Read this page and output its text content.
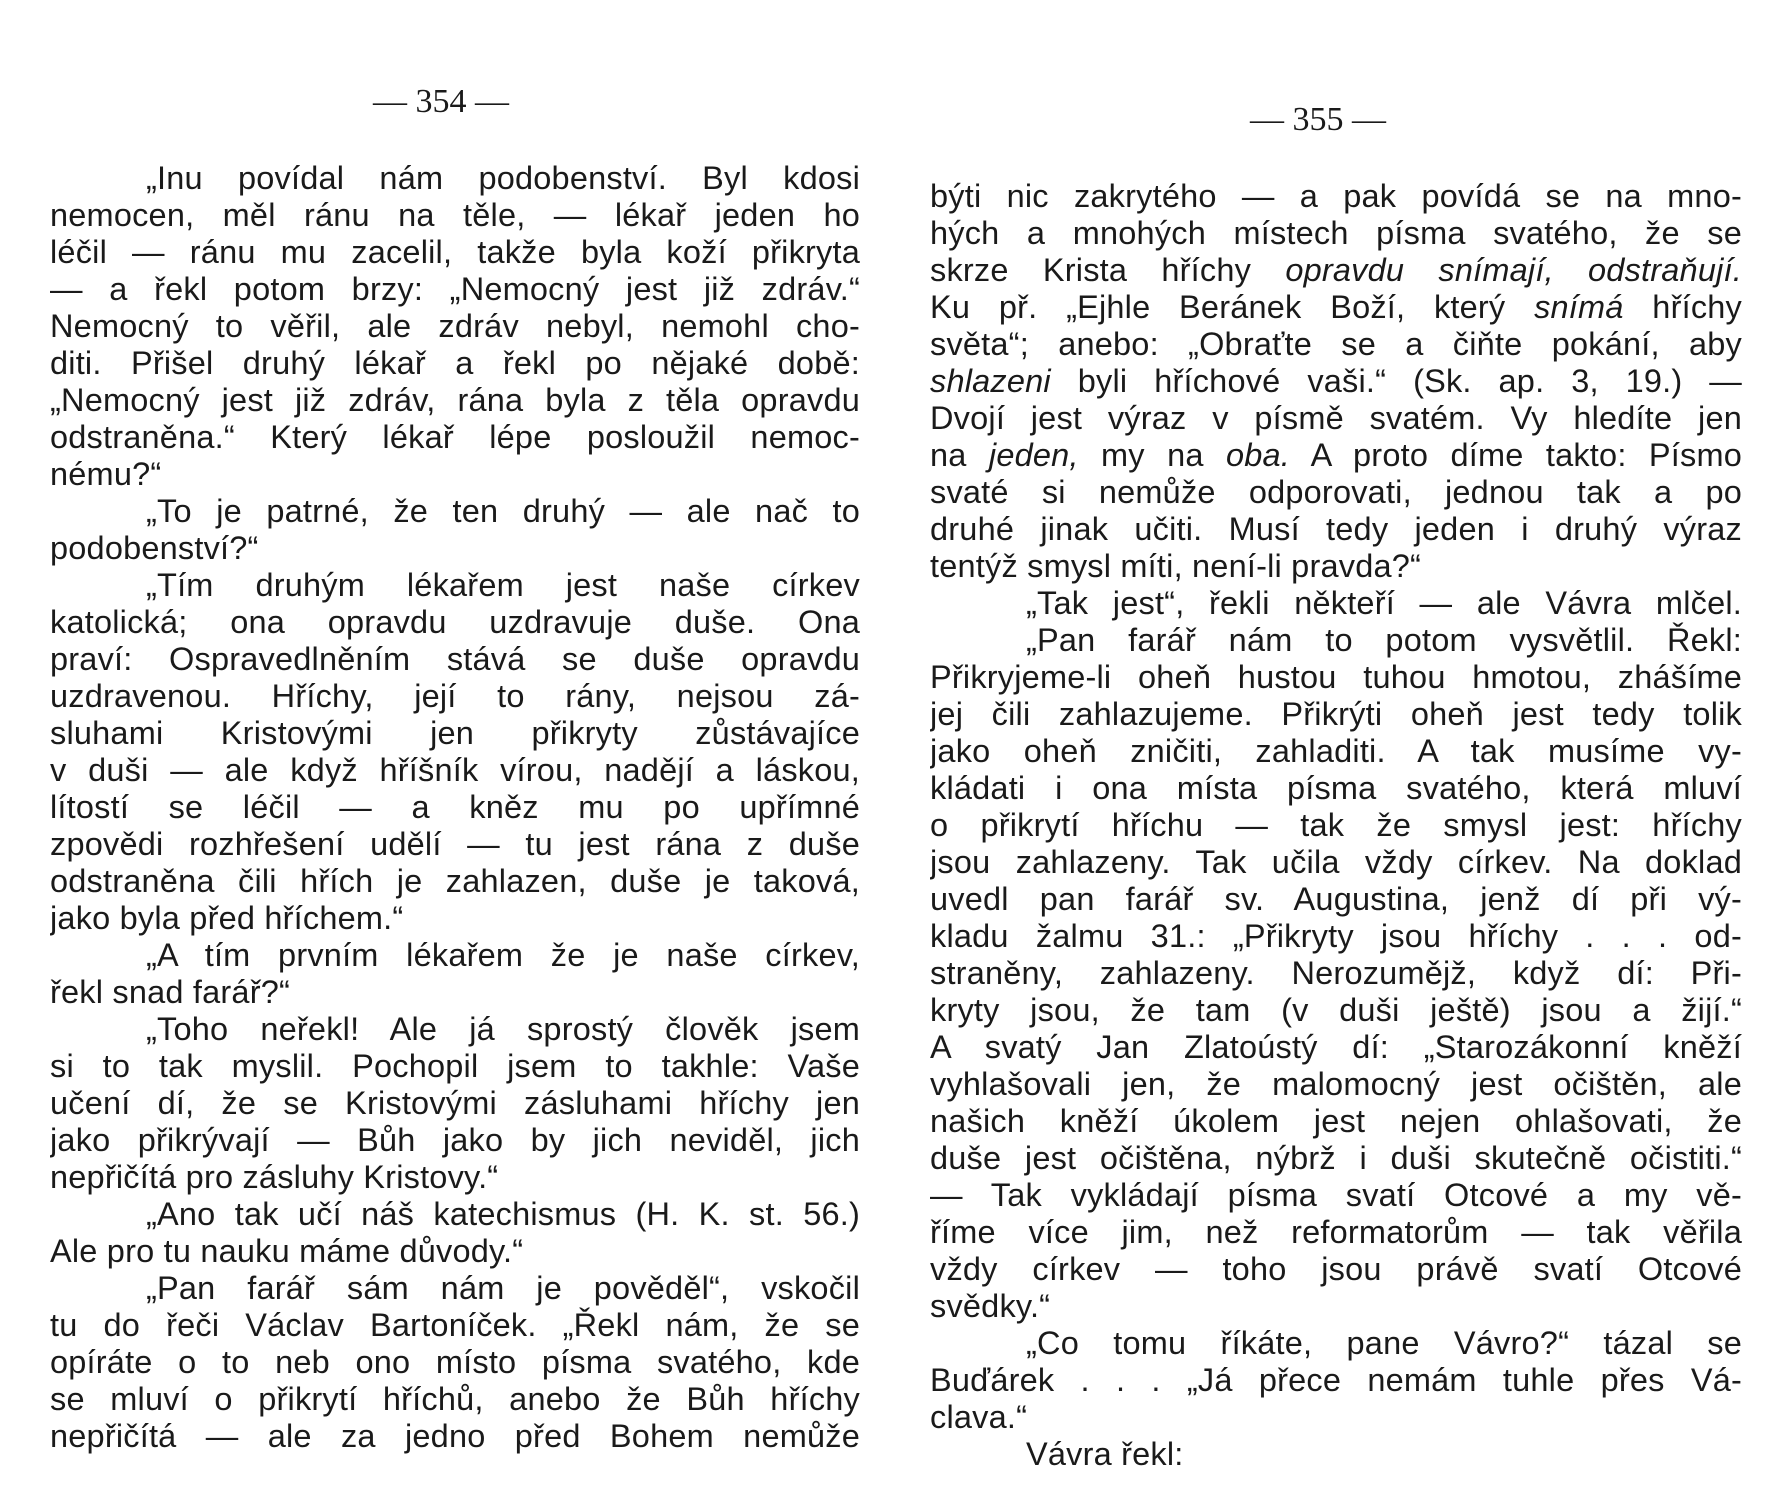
— 354 —
„Inu povídal nám podobenství. Byl kdosi
nemocen, měl ránu na těle, — lékař jeden ho
léčil — ránu mu zacelil, takže byla koží přikryta
— a řekl potom brzy: „Nemocný jest již zdráv.“
Nemocný to věřil, ale zdráv nebyl, nemohl cho-
diti. Přišel druhý lékař a řekl po nějaké době:
„Nemocný jest již zdráv, rána byla z těla opravdu
odstraněna.“ Který lékař lépe posloužil nemoc-
nému?“
„To je patrné, že ten druhý — ale nač to
podobenství?“
„Tím druhým lékařem jest naše církev
katolická; ona opravdu uzdravuje duše. Ona
praví: Ospravedlněním stává se duše opravdu
uzdravenou. Hříchy, její to rány, nejsou zá-
sluhami Kristovými jen přikryty zůstávajíce
v duši — ale když hříšník vírou, nadějí a láskou,
lítostí se léčil — a kněz mu po upřímné
zpovědi rozhřešení udělí — tu jest rána z duše
odstraněna čili hřích je zahlazen, duše je taková,
jako byla před hříchem.“
„A tím prvním lékařem že je naše církev,
řekl snad farář?“
„Toho neřekl! Ale já sprostý člověk jsem
si to tak myslil. Pochopil jsem to takhle: Vaše
učení dí, že se Kristovými zásluhami hříchy jen
jako přikrývají — Bůh jako by jich neviděl, jich
nepřičítá pro zásluhy Kristovy.“
„Ano tak učí náš katechismus (H. K. st. 56.)
Ale pro tu nauku máme důvody.“
„Pan farář sám nám je pověděl“, vskočil
tu do řeči Václav Bartoníček. „Řekl nám, že se
opíráte o to neb ono místo písma svatého, kde
se mluví o přikrytí hříchů, anebo že Bůh hříchy
nepřičítá — ale za jedno před Bohem nemůže
— 355 —
býti nic zakrytého — a pak povídá se na mno-
hých a mnohých místech písma svatého, že se
skrze Krista hříchy opravdu snímají, odstraňují.
Ku př. „Ejhle Beránek Boží, který snímá hříchy
světa“; anebo: „Obraťte se a čiňte pokání, aby
shlazeni byli hříchové vaši.“ (Sk. ap. 3, 19.) —
Dvojí jest výraz v písmě svatém. Vy hledíte jen
na jeden, my na oba. A proto díme takto: Písmo
svaté si nemůže odporovati, jednou tak a po
druhé jinak učiti. Musí tedy jeden i druhý výraz
tentýž smysl míti, není-li pravda?“
„Tak jest“, řekli někteří — ale Vávra mlčel.
„Pan farář nám to potom vysvětlil. Řekl:
Přikryjeme-li oheň hustou tuhou hmotou, zhášíme
jej čili zahlazujeme. Přikrýti oheň jest tedy tolik
jako oheň zničiti, zahladiti. A tak musíme vy-
kládati i ona místa písma svatého, která mluví
o přikrytí hříchu — tak že smysl jest: hříchy
jsou zahlazeny. Tak učila vždy církev. Na doklad
uvedl pan farář sv. Augustina, jenž dí při vý-
kladu žalmu 31.: „Přikryty jsou hříchy . . . od-
straněny, zahlazeny. Nerozumějž, když dí: Při-
kryty jsou, že tam (v duši ještě) jsou a žijí.“
A svatý Jan Zlatoústý dí: „Starozákonní kněží
vyhlašovali jen, že malomocný jest očištěn, ale
našich kněží úkolem jest nejen ohlašovati, že
duše jest očištěna, nýbrž i duši skutečně očistiti.“
— Tak vykládají písma svatí Otcové a my vě-
říme více jim, než reformatorům — tak věřila
vždy církev — toho jsou právě svatí Otcové
svědky.“
„Co tomu říkáte, pane Vávro?“ tázal se
Buďárek . . . „Já přece nemám tuhle přes Vá-
clava.“
Vávra řekl:
